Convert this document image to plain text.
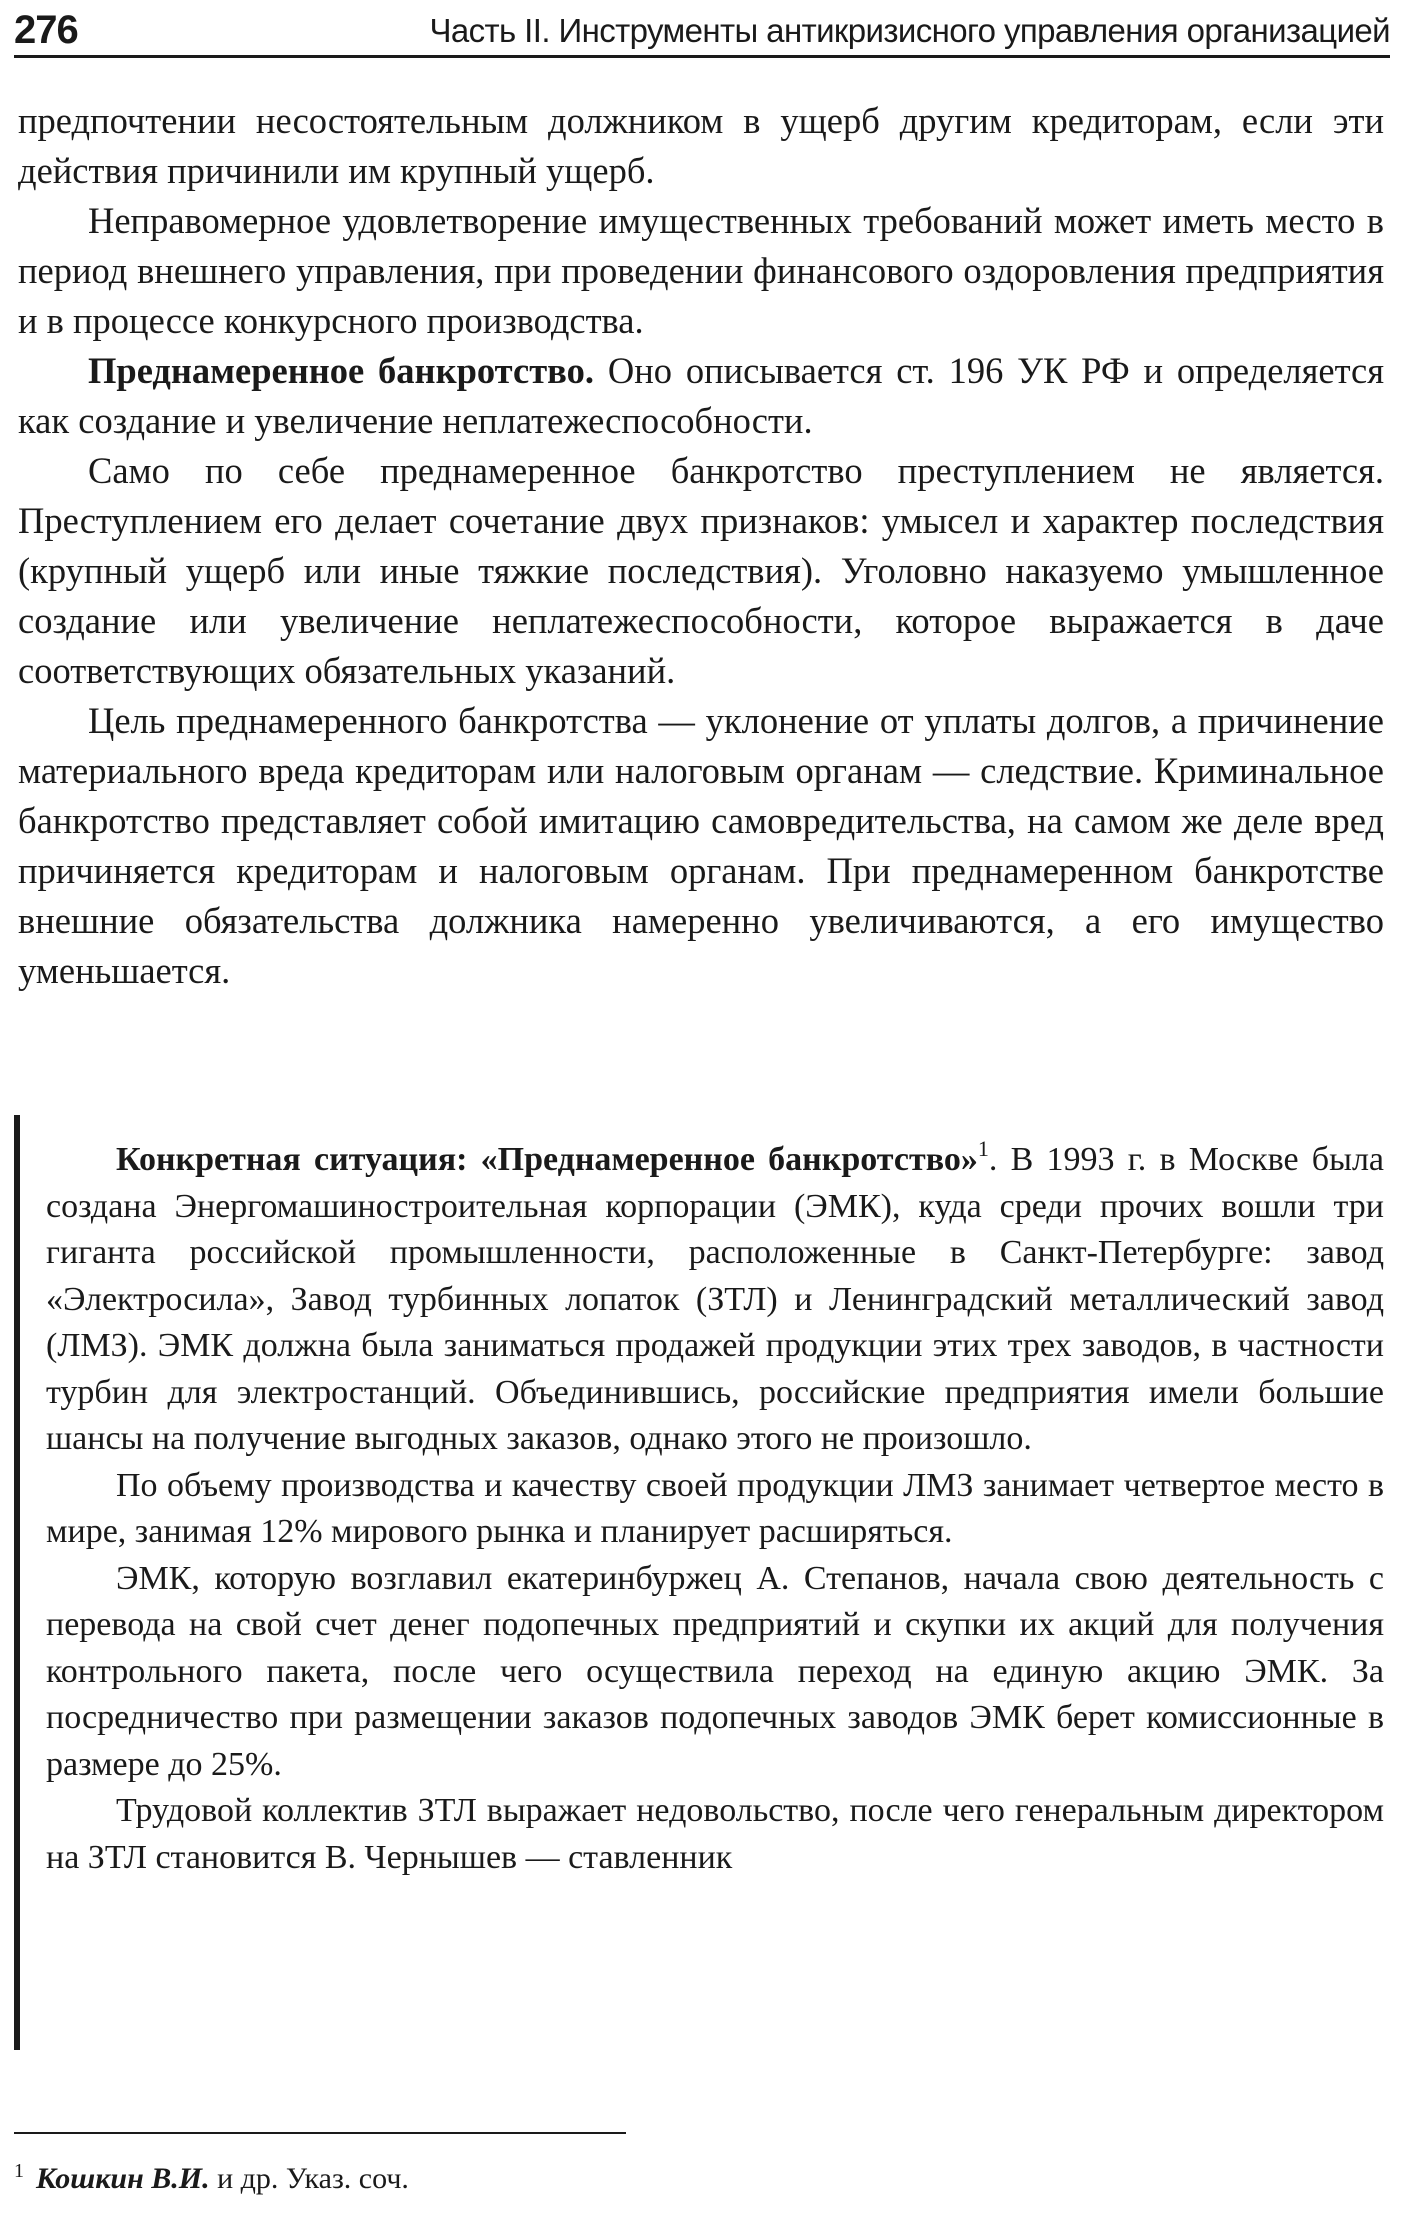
276	Часть II. Инструменты антикризисного управления организацией

предпочтении несостоятельным должником в ущерб другим кредиторам, если эти действия причинили им крупный ущерб.

Неправомерное удовлетворение имущественных требований может иметь место в период внешнего управления, при проведении финансового оздоровления предприятия и в процессе конкурсного производства.

Преднамеренное банкротство. Оно описывается ст. 196 УК РФ и определяется как создание и увеличение неплатежеспособности.

Само по себе преднамеренное банкротство преступлением не является. Преступлением его делает сочетание двух признаков: умысел и характер последствия (крупный ущерб или иные тяжкие последствия). Уголовно наказуемо умышленное создание или увеличение неплатежеспособности, которое выражается в даче соответствующих обязательных указаний.

Цель преднамеренного банкротства — уклонение от уплаты долгов, а причинение материального вреда кредиторам или налоговым органам — следствие. Криминальное банкротство представляет собой имитацию самовредительства, на самом же деле вред причиняется кредиторам и налоговым органам. При преднамеренном банкротстве внешние обязательства должника намеренно увеличиваются, а его имущество уменьшается.

Конкретная ситуация: «Преднамеренное банкротство»$^1$. В 1993 г. в Москве была создана Энергомашиностроительная корпорации (ЭМК), куда среди прочих вошли три гиганта российской промышленности, расположенные в Санкт-Петербурге: завод «Электросила», Завод турбинных лопаток (ЗТЛ) и Ленинградский металлический завод (ЛМЗ). ЭМК должна была заниматься продажей продукции этих трех заводов, в частности турбин для электростанций. Объединившись, российские предприятия имели большие шансы на получение выгодных заказов, однако этого не произошло.

По объему производства и качеству своей продукции ЛМЗ занимает четвертое место в мире, занимая 12% мирового рынка и планирует расширяться.

ЭМК, которую возглавил екатеринбуржец А. Степанов, начала свою деятельность с перевода на свой счет денег подопечных предприятий и скупки их акций для получения контрольного пакета, после чего осуществила переход на единую акцию ЭМК. За посредничество при размещении заказов подопечных заводов ЭМК берет комиссионные в размере до 25%.

Трудовой коллектив ЗТЛ выражает недовольство, после чего генеральным директором на ЗТЛ становится В. Чернышев — ставленник

$^1$ Кошкин В.И. и др. Указ. соч.
